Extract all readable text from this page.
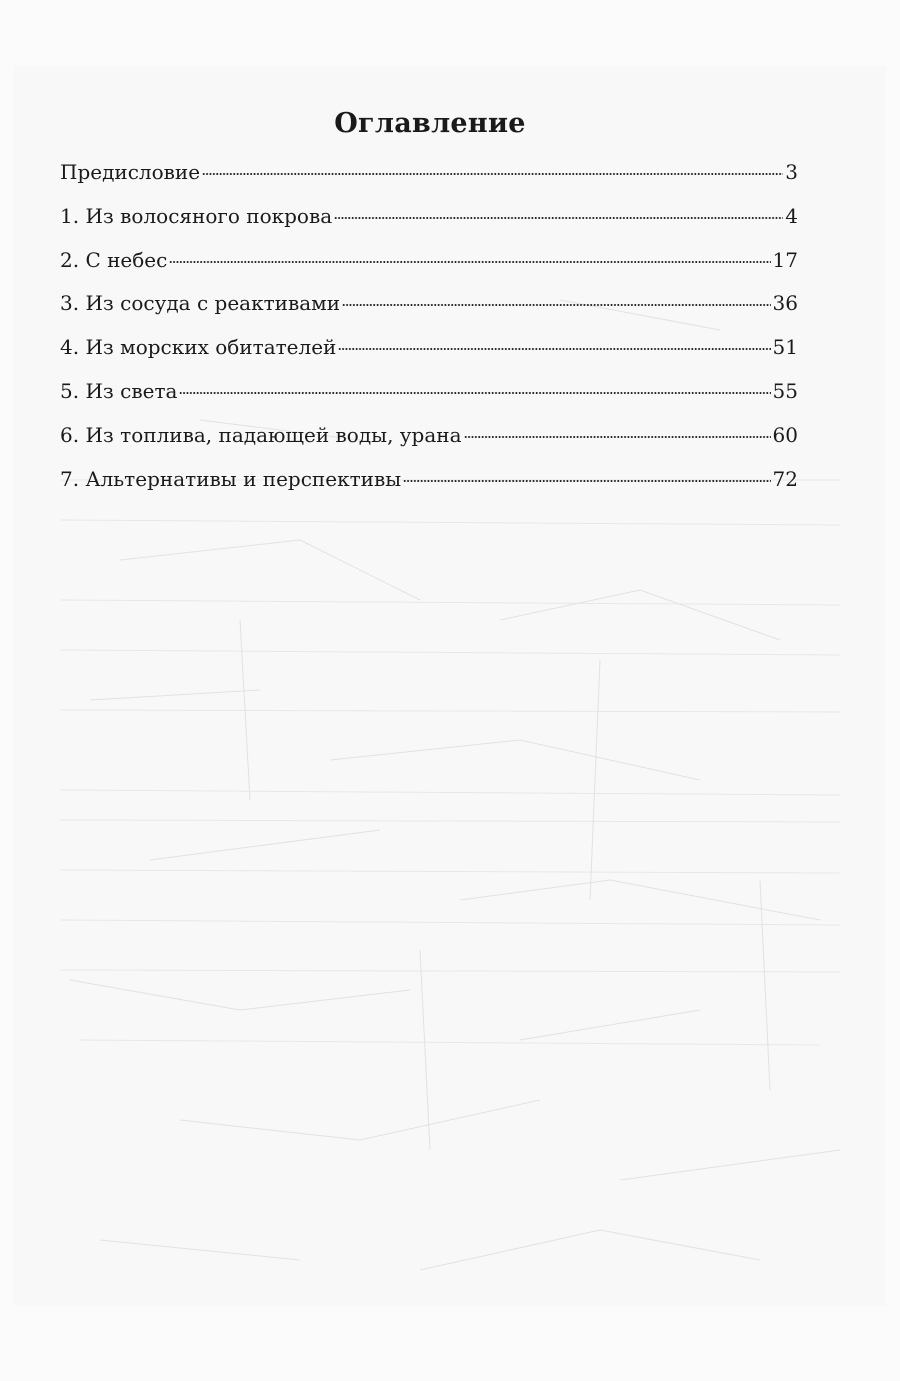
Оглавление
Предисловие	3
1. Из волосяного покрова	4
2. С небес	17
3. Из сосуда с реактивами	36
4. Из морских обитателей	51
5. Из света	55
6. Из топлива, падающей воды, урана	60
7. Альтернативы и перспективы	72
